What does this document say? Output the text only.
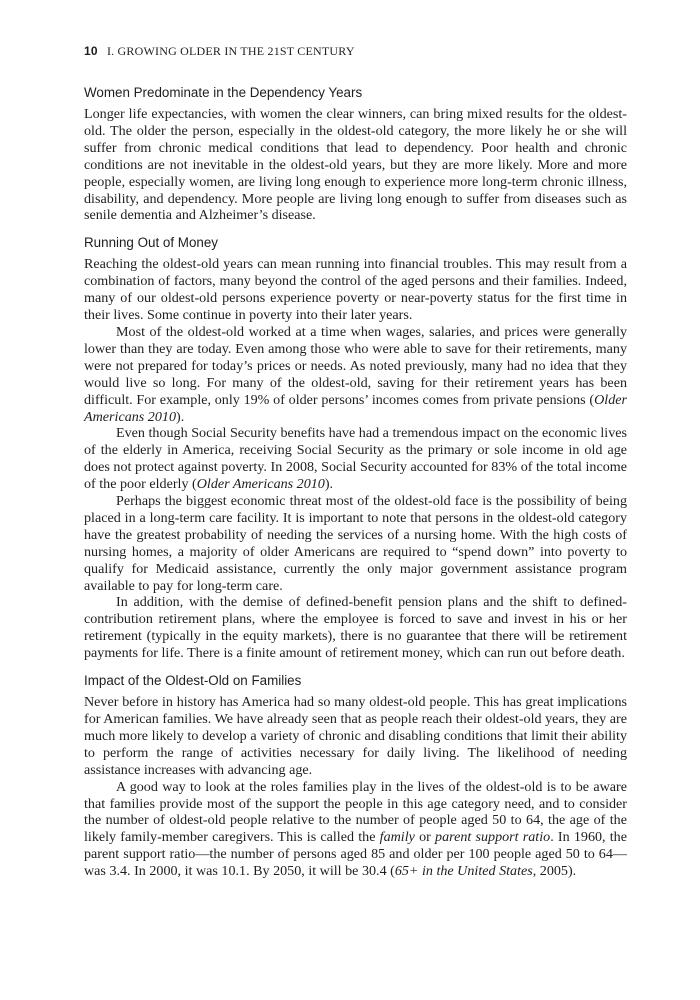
10 I. GROWING OLDER IN THE 21ST CENTURY
Women Predominate in the Dependency Years

Longer life expectancies, with women the clear winners, can bring mixed results for the oldest-old. The older the person, especially in the oldest-old category, the more likely he or she will suffer from chronic medical conditions that lead to dependency. Poor health and chronic conditions are not inevitable in the oldest-old years, but they are more likely. More and more people, especially women, are living long enough to experience more long-term chronic illness, disability, and dependency. More people are living long enough to suffer from diseases such as senile dementia and Alzheimer’s disease.

Running Out of Money

Reaching the oldest-old years can mean running into financial troubles. This may result from a combination of factors, many beyond the control of the aged persons and their families. Indeed, many of our oldest-old persons experience poverty or near-poverty status for the first time in their lives. Some continue in poverty into their later years.

Most of the oldest-old worked at a time when wages, salaries, and prices were generally lower than they are today. Even among those who were able to save for their retirements, many were not prepared for today’s prices or needs. As noted previously, many had no idea that they would live so long. For many of the oldest-old, saving for their retirement years has been difficult. For example, only 19% of older persons’ incomes comes from private pensions (Older Americans 2010).

Even though Social Security benefits have had a tremendous impact on the economic lives of the elderly in America, receiving Social Security as the primary or sole income in old age does not protect against poverty. In 2008, Social Security accounted for 83% of the total income of the poor elderly (Older Americans 2010).

Perhaps the biggest economic threat most of the oldest-old face is the possibility of being placed in a long-term care facility. It is important to note that persons in the oldest-old category have the greatest probability of needing the services of a nursing home. With the high costs of nursing homes, a majority of older Americans are required to “spend down” into poverty to qualify for Medicaid assistance, currently the only major government assistance program available to pay for long-term care.

In addition, with the demise of defined-benefit pension plans and the shift to defined-contribution retirement plans, where the employee is forced to save and invest in his or her retirement (typically in the equity markets), there is no guarantee that there will be retirement payments for life. There is a finite amount of retirement money, which can run out before death.

Impact of the Oldest-Old on Families

Never before in history has America had so many oldest-old people. This has great implications for American families. We have already seen that as people reach their oldest-old years, they are much more likely to develop a variety of chronic and disabling conditions that limit their ability to perform the range of activities necessary for daily living. The likelihood of needing assistance increases with advancing age.

A good way to look at the roles families play in the lives of the oldest-old is to be aware that families provide most of the support the people in this age category need, and to consider the number of oldest-old people relative to the number of people aged 50 to 64, the age of the likely family-member caregivers. This is called the family or parent support ratio. In 1960, the parent support ratio—the number of persons aged 85 and older per 100 people aged 50 to 64—was 3.4. In 2000, it was 10.1. By 2050, it will be 30.4 (65+ in the United States, 2005).
